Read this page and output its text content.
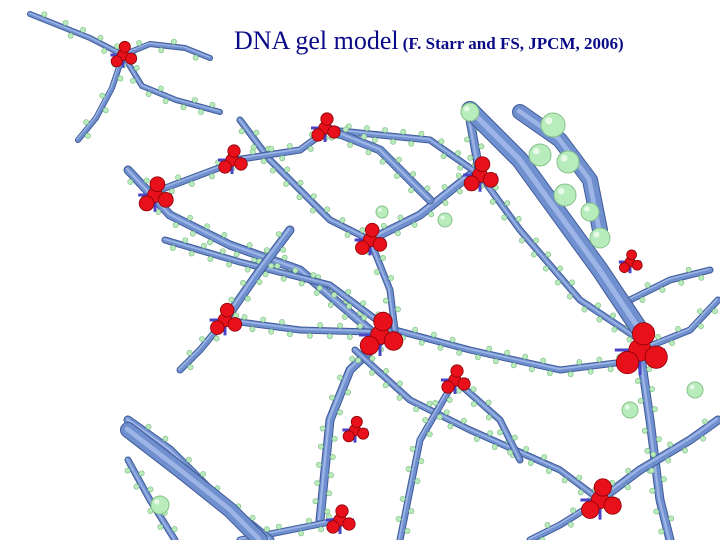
DNA gel model (F. Starr and FS, JPCM, 2006)
